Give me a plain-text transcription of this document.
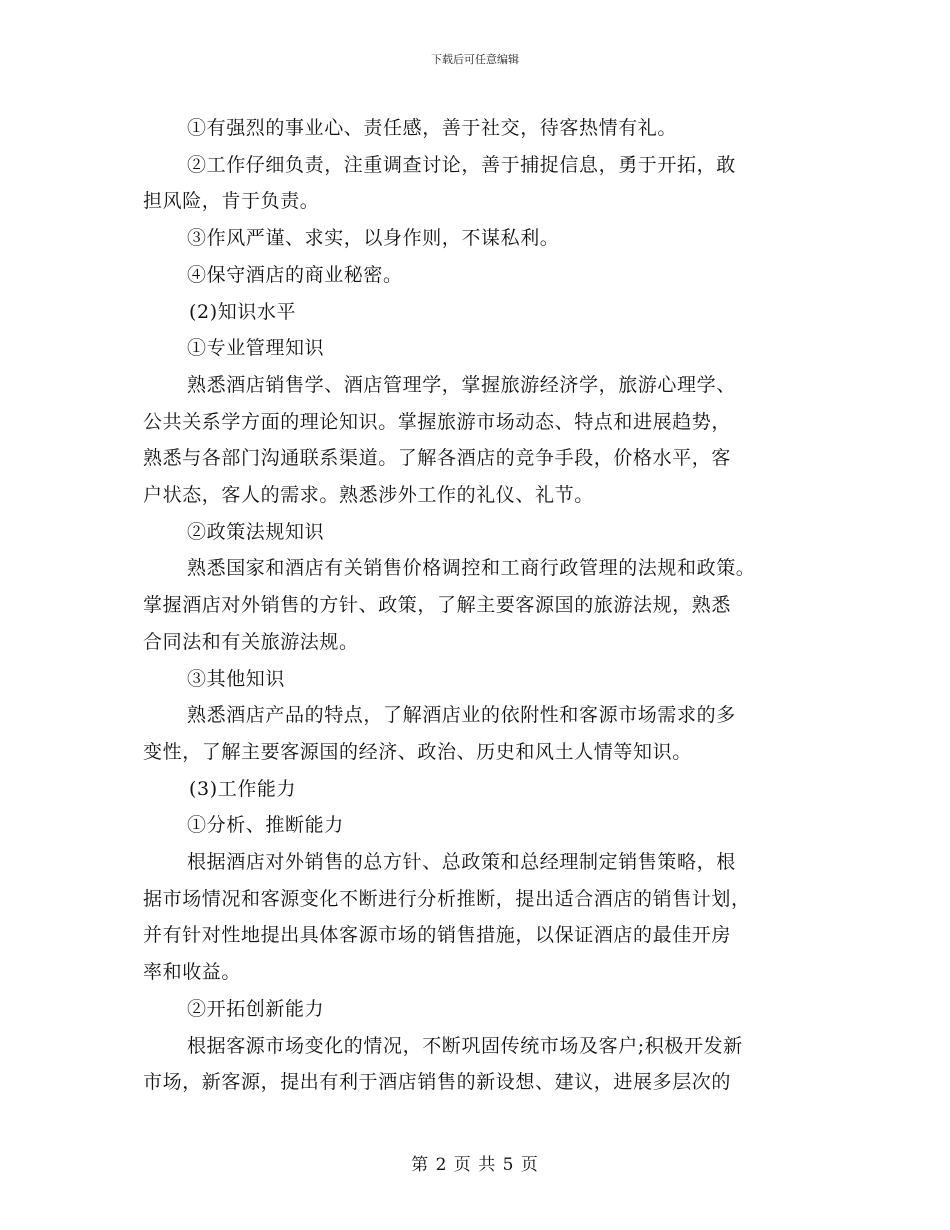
下载后可任意编辑

①有强烈的事业心、责任感，善于社交，待客热情有礼。

②工作仔细负责，注重调查讨论，善于捕捉信息，勇于开拓，敢

担风险，肯于负责。

③作风严谨、求实，以身作则，不谋私利。

④保守酒店的商业秘密。

(2)知识水平

①专业管理知识

熟悉酒店销售学、酒店管理学，掌握旅游经济学，旅游心理学、

公共关系学方面的理论知识。掌握旅游市场动态、特点和进展趋势，

熟悉与各部门沟通联系渠道。了解各酒店的竞争手段，价格水平，客

户状态，客人的需求。熟悉涉外工作的礼仪、礼节。

②政策法规知识

熟悉国家和酒店有关销售价格调控和工商行政管理的法规和政策。

掌握酒店对外销售的方针、政策，了解主要客源国的旅游法规，熟悉

合同法和有关旅游法规。

③其他知识

熟悉酒店产品的特点，了解酒店业的依附性和客源市场需求的多

变性，了解主要客源国的经济、政治、历史和风土人情等知识。

(3)工作能力

①分析、推断能力

根据酒店对外销售的总方针、总政策和总经理制定销售策略，根

据市场情况和客源变化不断进行分析推断，提出适合酒店的销售计划，

并有针对性地提出具体客源市场的销售措施，以保证酒店的最佳开房

率和收益。

②开拓创新能力

根据客源市场变化的情况，不断巩固传统市场及客户;积极开发新

市场，新客源，提出有利于酒店销售的新设想、建议，进展多层次的

第 2 页 共 5 页
